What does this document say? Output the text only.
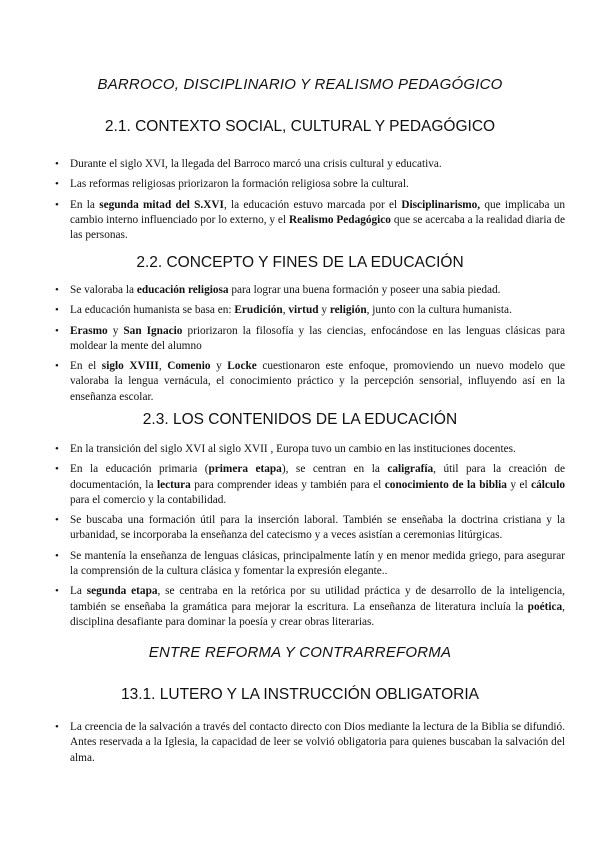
BARROCO, DISCIPLINARIO Y REALISMO PEDAGÓGICO
2.1. CONTEXTO SOCIAL, CULTURAL Y PEDAGÓGICO
• Durante el siglo XVI, la llegada del Barroco marcó una crisis cultural y educativa.
• Las reformas religiosas priorizaron la formación religiosa sobre la cultural.
• En la segunda mitad del S.XVI, la educación estuvo marcada por el Disciplinarismo, que implicaba un cambio interno influenciado por lo externo, y el Realismo Pedagógico que se acercaba a la realidad diaria de las personas.
2.2. CONCEPTO Y FINES DE LA EDUCACIÓN
• Se valoraba la educación religiosa para lograr una buena formación y poseer una sabia piedad.
• La educación humanista se basa en: Erudición, virtud y religión, junto con la cultura humanista.
• Erasmo y San Ignacio priorizaron la filosofía y las ciencias, enfocándose en las lenguas clásicas para moldear la mente del alumno
• En el siglo XVIII, Comenio y Locke cuestionaron este enfoque, promoviendo un nuevo modelo que valoraba la lengua vernácula, el conocimiento práctico y la percepción sensorial, influyendo así en la enseñanza escolar.
2.3. LOS CONTENIDOS DE LA EDUCACIÓN
• En la transición del siglo XVI al siglo XVII , Europa tuvo un cambio en las instituciones docentes.
• En la educación primaria (primera etapa), se centran en la caligrafía, útil para la creación de documentación, la lectura para comprender ideas y también para el conocimiento de la biblia y el cálculo para el comercio y la contabilidad.
• Se buscaba una formación útil para la inserción laboral. También se enseñaba la doctrina cristiana y la urbanidad, se incorporaba la enseñanza del catecismo y a veces asistían a ceremonias litúrgicas.
• Se mantenía la enseñanza de lenguas clásicas, principalmente latín y en menor medida griego, para asegurar la comprensión de la cultura clásica y fomentar la expresión elegante..
• La segunda etapa, se centraba en la retórica por su utilidad práctica y de desarrollo de la inteligencia, también se enseñaba la gramática para mejorar la escritura. La enseñanza de literatura incluía la poética, disciplina desafiante para dominar la poesía y crear obras literarias.
ENTRE REFORMA Y CONTRARREFORMA
13.1. LUTERO Y LA INSTRUCCIÓN OBLIGATORIA
• La creencia de la salvación a través del contacto directo con Dios mediante la lectura de la Biblia se difundió. Antes reservada a la Iglesia, la capacidad de leer se volvió obligatoria para quienes buscaban la salvación del alma.
